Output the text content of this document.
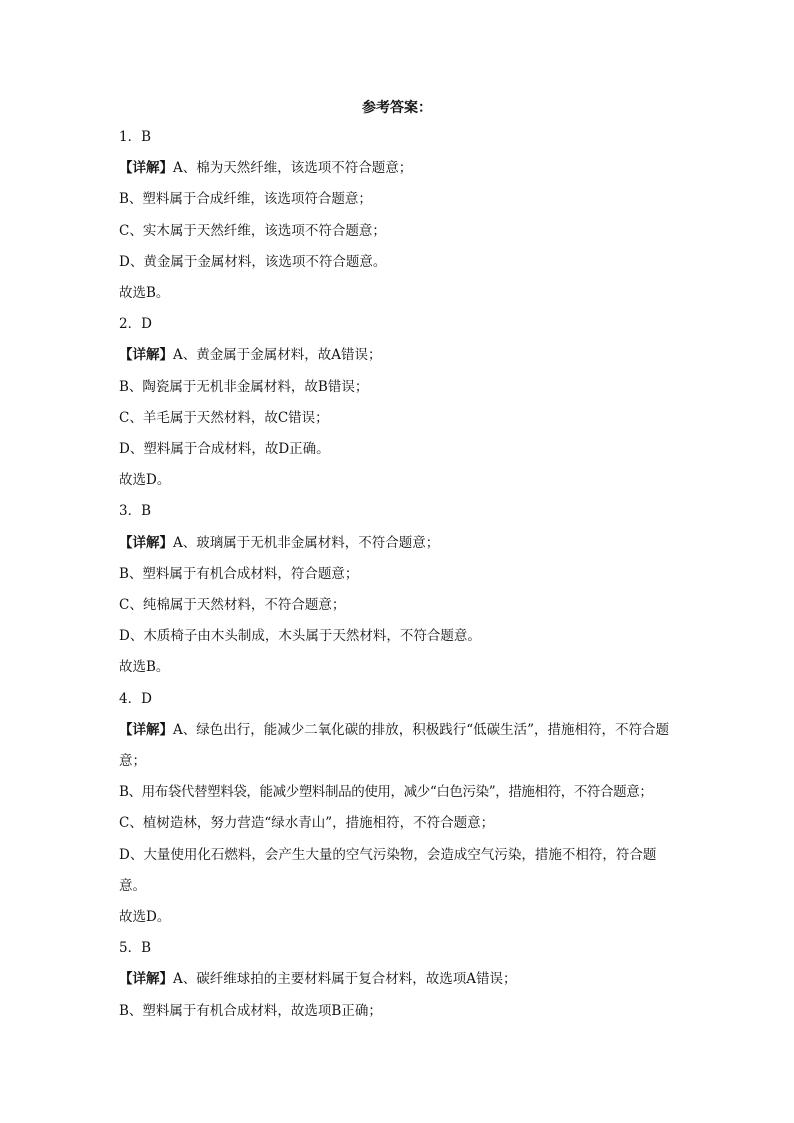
参考答案：
1．B
【详解】A、棉为天然纤维，该选项不符合题意；
B、塑料属于合成纤维，该选项符合题意；
C、实木属于天然纤维，该选项不符合题意；
D、黄金属于金属材料，该选项不符合题意。
故选B。
2．D
【详解】A、黄金属于金属材料，故A错误；
B、陶瓷属于无机非金属材料，故B错误；
C、羊毛属于天然材料，故C错误；
D、塑料属于合成材料，故D正确。
故选D。
3．B
【详解】A、玻璃属于无机非金属材料，不符合题意；
B、塑料属于有机合成材料，符合题意；
C、纯棉属于天然材料，不符合题意；
D、木质椅子由木头制成，木头属于天然材料，不符合题意。
故选B。
4．D
【详解】A、绿色出行，能减少二氧化碳的排放，积极践行“低碳生活”，措施相符，不符合题意；
B、用布袋代替塑料袋，能减少塑料制品的使用，减少“白色污染”，措施相符，不符合题意；
C、植树造林，努力营造“绿水青山”，措施相符，不符合题意；
D、大量使用化石燃料，会产生大量的空气污染物，会造成空气污染，措施不相符，符合题意。
故选D。
5．B
【详解】A、碳纤维球拍的主要材料属于复合材料，故选项A错误；
B、塑料属于有机合成材料，故选项B正确；
